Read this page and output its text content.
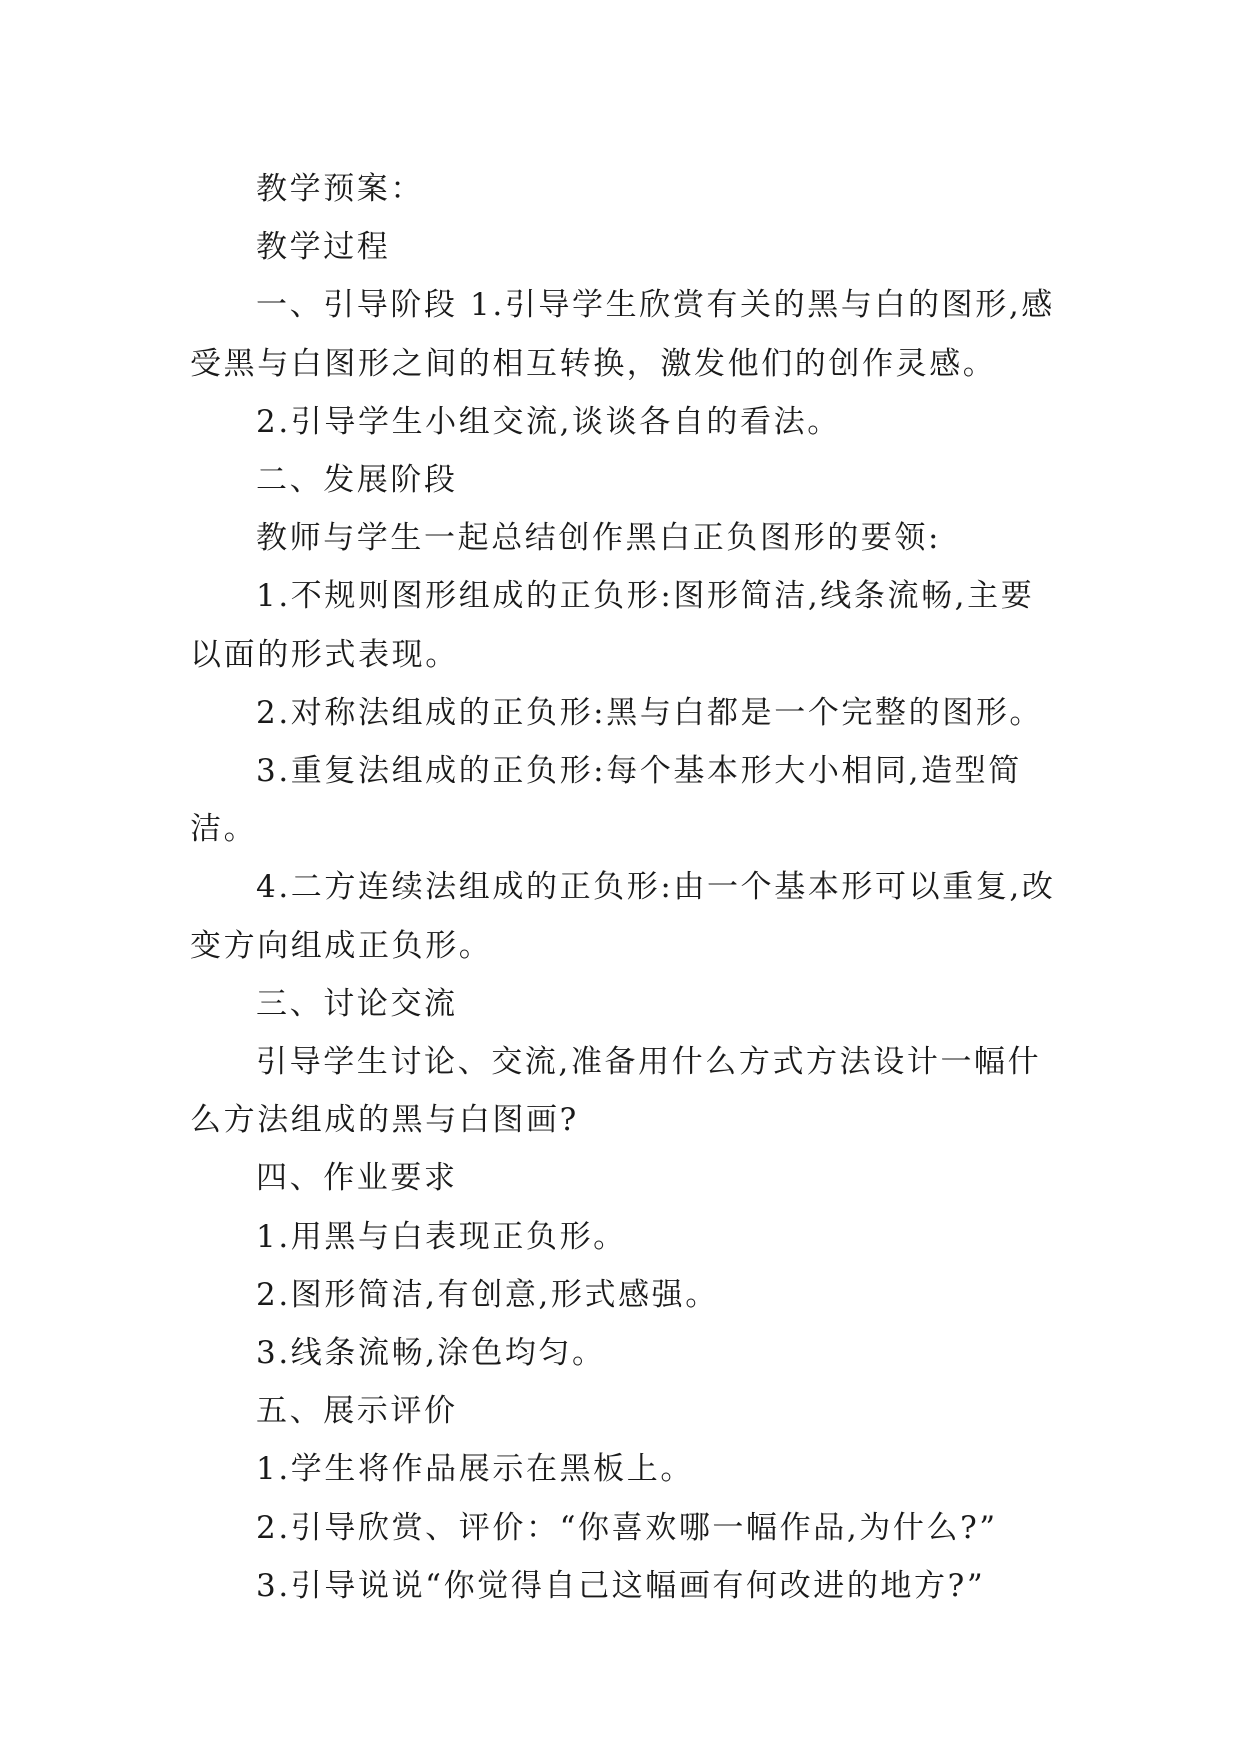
教学预案：

教学过程

一、引导阶段 1.引导学生欣赏有关的黑与白的图形,感受黑与白图形之间的相互转换，激发他们的创作灵感。

2.引导学生小组交流,谈谈各自的看法。

二、发展阶段

教师与学生一起总结创作黑白正负图形的要领:

1.不规则图形组成的正负形:图形简洁,线条流畅,主要以面的形式表现。

2.对称法组成的正负形:黑与白都是一个完整的图形。

3.重复法组成的正负形:每个基本形大小相同,造型简洁。

4.二方连续法组成的正负形:由一个基本形可以重复,改变方向组成正负形。

三、讨论交流

引导学生讨论、交流,准备用什么方式方法设计一幅什么方法组成的黑与白图画?

四、作业要求

1.用黑与白表现正负形。

2.图形简洁,有创意,形式感强。

3.线条流畅,涂色均匀。

五、展示评价

1.学生将作品展示在黑板上。

2.引导欣赏、评价：“你喜欢哪一幅作品,为什么?”

3.引导说说“你觉得自己这幅画有何改进的地方?”
